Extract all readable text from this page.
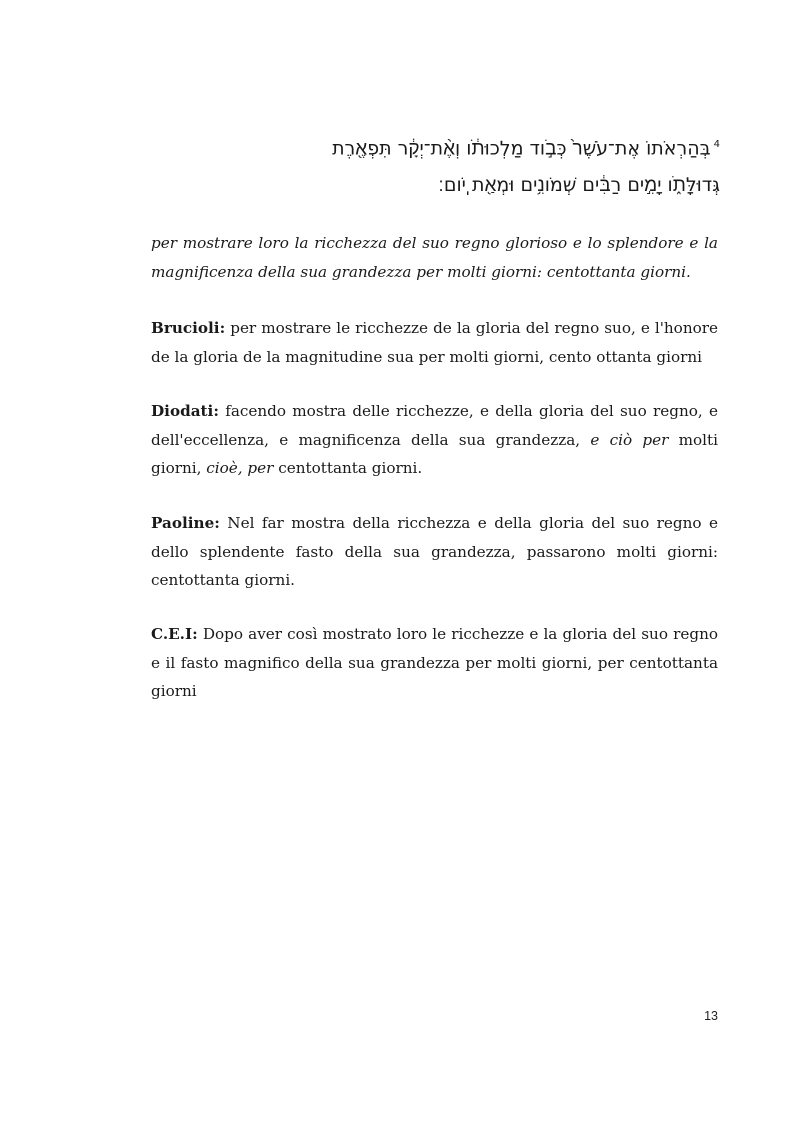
$^4$בְּהַרְאֹתוֹ אֶת־עֹשֶׁר֙ כְּבֹ֣וד מַלְכוּתֹ֔ו וְאֶ֨ת־יְקָ֔ר תִּפְאֶ֖רֶת
גְּדוּלָּתֹ֑ו יָמִ֣ים רַבִּ֔ים שְׁמֹונִ֥ים וּמְאַ֖ת יֹֽום׃

per mostrare loro la ricchezza del suo regno glorioso e lo splendore e la magnificenza della sua grandezza per molti giorni: centottanta giorni.

Brucioli: per mostrare le ricchezze de la gloria del regno suo, e l'honore de la gloria de la magnitudine sua per molti giorni, cento ottanta giorni

Diodati: facendo mostra delle ricchezze, e della gloria del suo regno, e dell'eccellenza, e magnificenza della sua grandezza, e ciò per molti giorni, cioè, per centottanta giorni.

Paoline: Nel far mostra della ricchezza e della gloria del suo regno e dello splendente fasto della sua grandezza, passarono molti giorni: centottanta giorni.

C.E.I: Dopo aver così mostrato loro le ricchezze e la gloria del suo regno e il fasto magnifico della sua grandezza per molti giorni, per centottanta giorni

13
